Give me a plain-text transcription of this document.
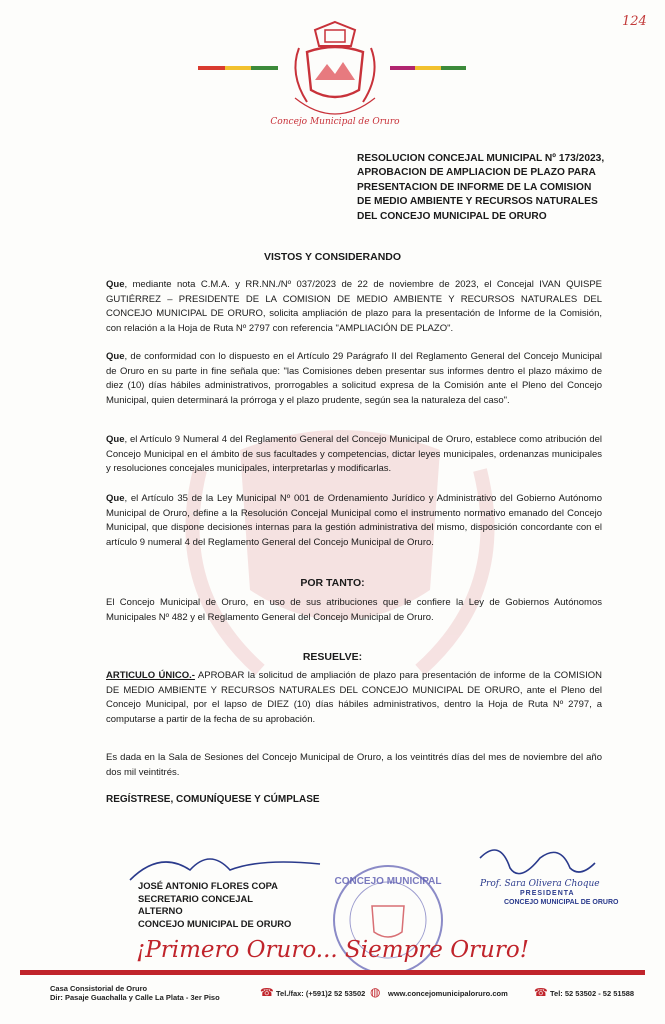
124
Concejo Municipal de Oruro
RESOLUCION CONCEJAL MUNICIPAL Nº 173/2023,
APROBACION DE AMPLIACION DE PLAZO PARA
PRESENTACION DE INFORME DE LA COMISION
DE MEDIO AMBIENTE Y RECURSOS NATURALES
DEL CONCEJO MUNICIPAL DE ORURO
VISTOS Y CONSIDERANDO
Que, mediante nota C.M.A. y RR.NN./Nº 037/2023 de 22 de noviembre de 2023, el Concejal IVAN QUISPE GUTIÉRREZ – PRESIDENTE DE LA COMISION DE MEDIO AMBIENTE Y RECURSOS NATURALES DEL CONCEJO MUNICIPAL DE ORURO, solicita ampliación de plazo para la presentación de Informe de la Comisión, con relación a la Hoja de Ruta Nº 2797 con referencia "AMPLIACIÓN DE PLAZO".
Que, de conformidad con lo dispuesto en el Artículo 29 Parágrafo II del Reglamento General del Concejo Municipal de Oruro en su parte in fine señala que: "las Comisiones deben presentar sus informes dentro el plazo máximo de diez (10) días hábiles administrativos, prorrogables a solicitud expresa de la Comisión ante el Pleno del Concejo Municipal, quien determinará la prórroga y el plazo prudente, según sea la naturaleza del caso".
Que, el Artículo 9 Numeral 4 del Reglamento General del Concejo Municipal de Oruro, establece como atribución del Concejo Municipal en el ámbito de sus facultades y competencias, dictar leyes municipales, ordenanzas municipales y resoluciones concejales municipales, interpretarlas y modificarlas.
Que, el Artículo 35 de la Ley Municipal Nº 001 de Ordenamiento Jurídico y Administrativo del Gobierno Autónomo Municipal de Oruro, define a la Resolución Concejal Municipal como el instrumento normativo emanado del Concejo Municipal, que dispone decisiones internas para la gestión administrativa del mismo, disposición concordante con el artículo 9 numeral 4 del Reglamento General del Concejo Municipal de Oruro.
POR TANTO:
El Concejo Municipal de Oruro, en uso de sus atribuciones que le confiere la Ley de Gobiernos Autónomos Municipales Nº 482 y el Reglamento General del Concejo Municipal de Oruro.
RESUELVE:
ARTICULO ÚNICO.- APROBAR la solicitud de ampliación de plazo para presentación de informe de la COMISION DE MEDIO AMBIENTE Y RECURSOS NATURALES DEL CONCEJO MUNICIPAL DE ORURO, ante el Pleno del Concejo Municipal, por el lapso de DIEZ (10) días hábiles administrativos, dentro la Hoja de Ruta Nº 2797, a computarse a partir de la fecha de su aprobación.
Es dada en la Sala de Sesiones del Concejo Municipal de Oruro, a los veintitrés días del mes de noviembre del año dos mil veintitrés.
REGÍSTRESE, COMUNÍQUESE Y CÚMPLASE
JOSÉ ANTONIO FLORES COPA
SECRETARIO CONCEJAL ALTERNO
CONCEJO MUNICIPAL DE ORURO
CONCEJO MUNICIPAL	Prof. Sara Olivera Choque
PRESIDENTA
CONCEJO MUNICIPAL DE ORURO
¡Primero Oruro... Siempre Oruro!
Casa Consistorial de Oruro
Dir: Pasaje Guachalla y Calle La Plata - 3er Piso	☎ Tel./fax: (+591)2 52 53502 ◍ www.concejomunicipaloruro.com ☎ Tel: 52 53502 - 52 51588
